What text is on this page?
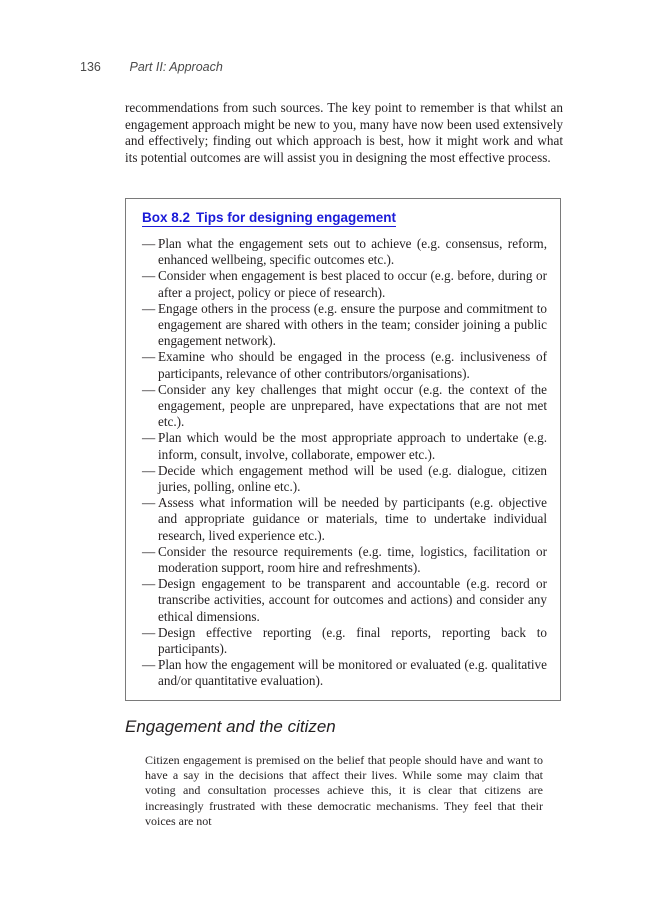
136 Part II: Approach

recommendations from such sources. The key point to remember is that whilst an engagement approach might be new to you, many have now been used extensively and effectively; finding out which approach is best, how it might work and what its potential outcomes are will assist you in designing the most effective process.

Box 8.2 Tips for designing engagement
— Plan what the engagement sets out to achieve (e.g. consensus, reform, enhanced wellbeing, specific outcomes etc.).
— Consider when engagement is best placed to occur (e.g. before, during or after a project, policy or piece of research).
— Engage others in the process (e.g. ensure the purpose and commitment to engagement are shared with others in the team; consider joining a public engagement network).
— Examine who should be engaged in the process (e.g. inclusiveness of participants, relevance of other contributors/organisations).
— Consider any key challenges that might occur (e.g. the context of the engagement, people are unprepared, have expectations that are not met etc.).
— Plan which would be the most appropriate approach to undertake (e.g. inform, consult, involve, collaborate, empower etc.).
— Decide which engagement method will be used (e.g. dialogue, citizen juries, polling, online etc.).
— Assess what information will be needed by participants (e.g. objective and appropriate guidance or materials, time to undertake individual research, lived experience etc.).
— Consider the resource requirements (e.g. time, logistics, facilitation or moderation support, room hire and refreshments).
— Design engagement to be transparent and accountable (e.g. record or transcribe activities, account for outcomes and actions) and consider any ethical dimensions.
— Design effective reporting (e.g. final reports, reporting back to participants).
— Plan how the engagement will be monitored or evaluated (e.g. qualitative and/or quantitative evaluation).
Engagement and the citizen

Citizen engagement is premised on the belief that people should have and want to have a say in the decisions that affect their lives. While some may claim that voting and consultation processes achieve this, it is clear that citizens are increasingly frustrated with these democratic mechanisms. They feel that their voices are not
